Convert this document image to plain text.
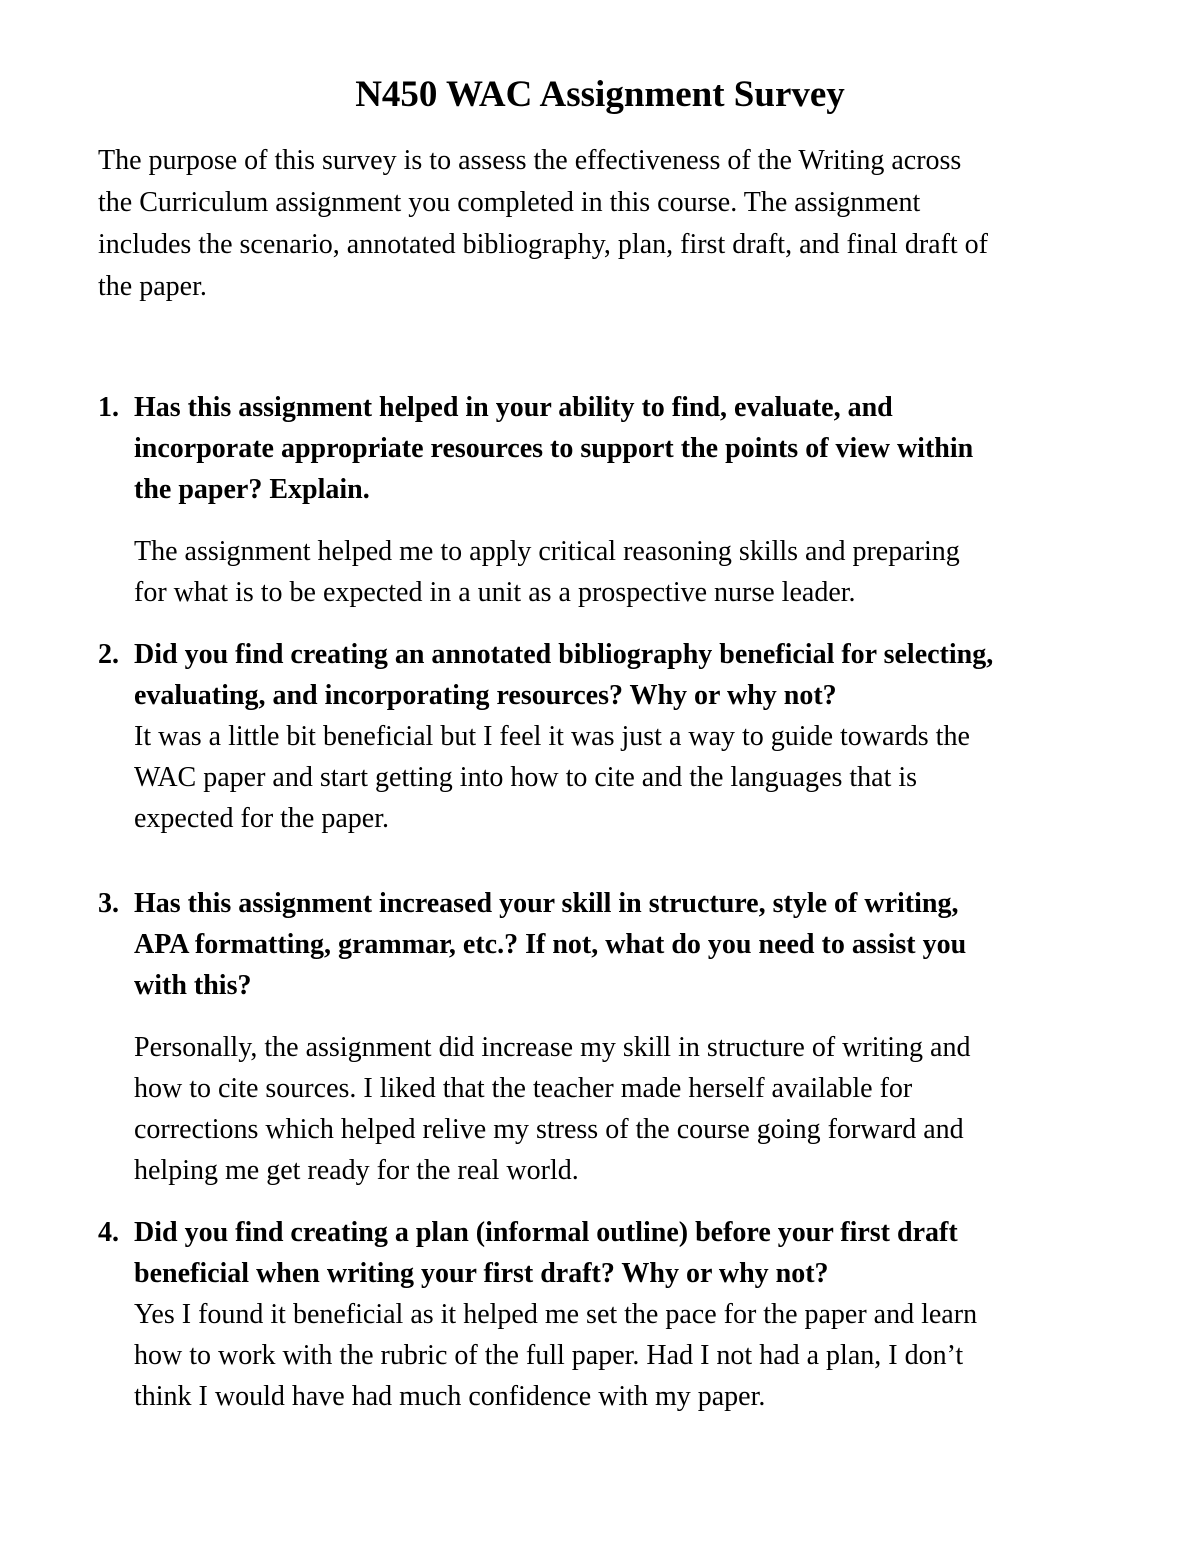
N450 WAC Assignment Survey

The purpose of this survey is to assess the effectiveness of the Writing across
the Curriculum assignment you completed in this course. The assignment
includes the scenario, annotated bibliography, plan, first draft, and final draft of
the paper.

1. Has this assignment helped in your ability to find, evaluate, and
incorporate appropriate resources to support the points of view within
the paper? Explain.

The assignment helped me to apply critical reasoning skills and preparing
for what is to be expected in a unit as a prospective nurse leader.

2. Did you find creating an annotated bibliography beneficial for selecting,
evaluating, and incorporating resources? Why or why not?

It was a little bit beneficial but I feel it was just a way to guide towards the
WAC paper and start getting into how to cite and the languages that is
expected for the paper.

3. Has this assignment increased your skill in structure, style of writing,
APA formatting, grammar, etc.? If not, what do you need to assist you
with this?

Personally, the assignment did increase my skill in structure of writing and
how to cite sources. I liked that the teacher made herself available for
corrections which helped relive my stress of the course going forward and
helping me get ready for the real world.

4. Did you find creating a plan (informal outline) before your first draft
beneficial when writing your first draft? Why or why not?

Yes I found it beneficial as it helped me set the pace for the paper and learn
how to work with the rubric of the full paper. Had I not had a plan, I don’t
think I would have had much confidence with my paper.
